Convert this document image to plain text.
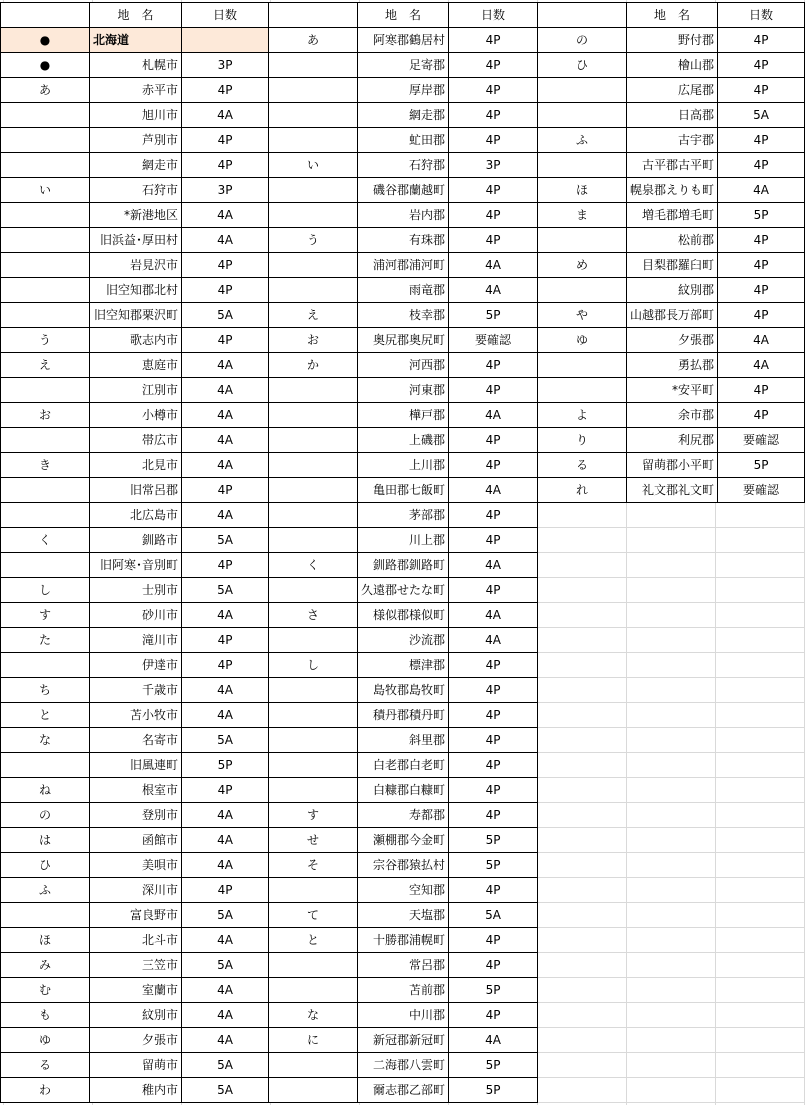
	地　名	日数
●	北海道	
●	札幌市	3P
あ	赤平市	4P
	旭川市	4A
	芦別市	4P
	網走市	4P
い	石狩市	3P
	*新港地区	4A
	旧浜益･厚田村	4A
	岩見沢市	4P
	旧空知郡北村	4P
	旧空知郡栗沢町	5A
う	歌志内市	4P
え	恵庭市	4A
	江別市	4A
お	小樽市	4A
	帯広市	4A
き	北見市	4A
	旧常呂郡	4P
	北広島市	4A
く	釧路市	5A
	旧阿寒･音別町	4P
し	士別市	5A
す	砂川市	4A
た	滝川市	4P
	伊達市	4P
ち	千歳市	4A
と	苫小牧市	4A
な	名寄市	5A
	旧風連町	5P
ね	根室市	4P
の	登別市	4A
は	函館市	4A
ひ	美唄市	4A
ふ	深川市	4P
	富良野市	5A
ほ	北斗市	4A
み	三笠市	5A
む	室蘭市	4A
も	紋別市	4A
ゆ	夕張市	4A
る	留萌市	5A
わ	稚内市	5A
	地　名	日数
あ	阿寒郡鶴居村	4P
	足寄郡	4P
	厚岸郡	4P
	網走郡	4P
	虻田郡	4P
い	石狩郡	3P
	磯谷郡蘭越町	4P
	岩内郡	4P
う	有珠郡	4P
	浦河郡浦河町	4A
	雨竜郡	4A
え	枝幸郡	5P
お	奥尻郡奥尻町	要確認
か	河西郡	4P
	河東郡	4P
	樺戸郡	4A
	上磯郡	4P
	上川郡	4P
	亀田郡七飯町	4A
	茅部郡	4P
	川上郡	4P
く	釧路郡釧路町	4A
	久遠郡せたな町	4P
さ	様似郡様似町	4A
	沙流郡	4A
し	標津郡	4P
	島牧郡島牧町	4P
	積丹郡積丹町	4P
	斜里郡	4P
	白老郡白老町	4P
	白糠郡白糠町	4P
す	寿都郡	4P
せ	瀬棚郡今金町	5P
そ	宗谷郡猿払村	5P
	空知郡	4P
て	天塩郡	5A
と	十勝郡浦幌町	4P
	常呂郡	4P
	苫前郡	5P
な	中川郡	4P
に	新冠郡新冠町	4A
	二海郡八雲町	5P
	爾志郡乙部町	5P
	地　名	日数
の	野付郡	4P
ひ	檜山郡	4P
	広尾郡	4P
	日高郡	5A
ふ	古宇郡	4P
	古平郡古平町	4P
ほ	幌泉郡えりも町	4A
ま	増毛郡増毛町	5P
	松前郡	4P
め	目梨郡羅臼町	4P
	紋別郡	4P
や	山越郡長万部町	4P
ゆ	夕張郡	4A
	勇払郡	4A
	*安平町	4P
よ	余市郡	4P
り	利尻郡	要確認
る	留萌郡小平町	5P
れ	礼文郡礼文町	要確認
